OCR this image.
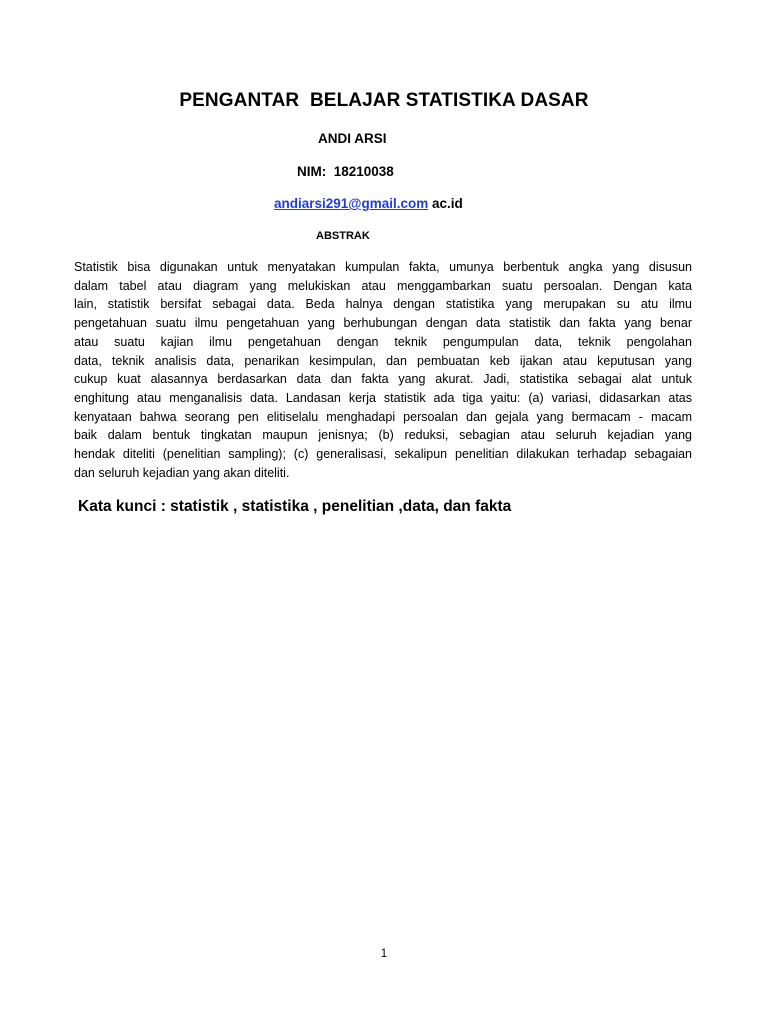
PENGANTAR  BELAJAR STATISTIKA DASAR
ANDI ARSI
NIM:  18210038
andiarsi291@gmail.com ac.id
ABSTRAK
Statistik bisa digunakan untuk menyatakan kumpulan fakta, umunya berbentuk angka yang disusun
dalam tabel atau diagram yang melukiskan atau menggambarkan suatu persoalan. Dengan kata
lain, statistik bersifat sebagai data. Beda halnya dengan statistika yang merupakan su atu ilmu
pengetahuan suatu ilmu pengetahuan yang berhubungan dengan data statistik dan fakta yang benar
atau suatu kajian ilmu pengetahuan dengan teknik pengumpulan data, teknik pengolahan
data, teknik analisis data, penarikan kesimpulan, dan pembuatan keb ijakan atau keputusan yang
cukup kuat alasannya berdasarkan data dan fakta yang akurat. Jadi, statistika sebagai alat untuk
enghitung atau menganalisis data. Landasan kerja statistik ada tiga yaitu: (a) variasi, didasarkan atas
kenyataan bahwa seorang pen elitiselalu menghadapi persoalan dan gejala yang bermacam - macam
baik dalam bentuk tingkatan maupun jenisnya; (b) reduksi, sebagian atau seluruh kejadian yang
hendak diteliti (penelitian sampling); (c) generalisasi, sekalipun penelitian dilakukan terhadap sebagaian
dan seluruh kejadian yang akan diteliti.
Kata kunci : statistik , statistika , penelitian ,data, dan fakta
1
